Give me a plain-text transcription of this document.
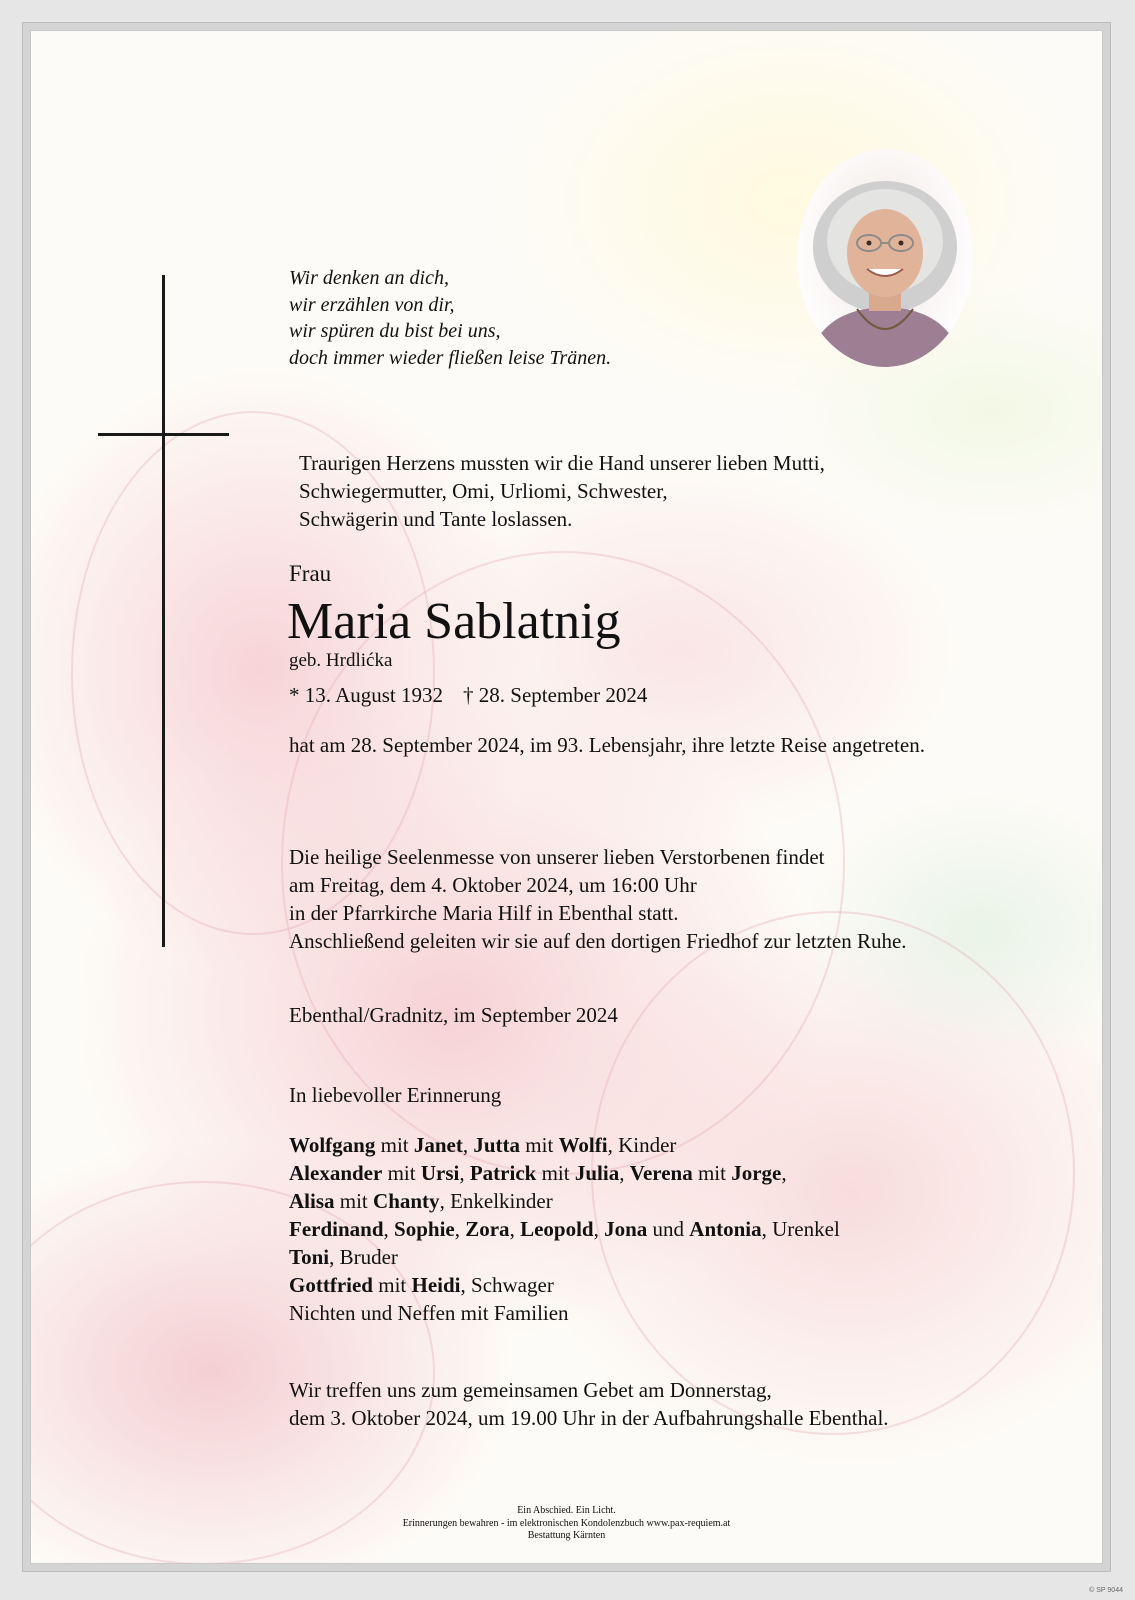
Wir denken an dich,
wir erzählen von dir,
wir spüren du bist bei uns,
doch immer wieder fließen leise Tränen.
Traurigen Herzens mussten wir die Hand unserer lieben Mutti,
Schwiegermutter, Omi, Urliomi, Schwester,
Schwägerin und Tante loslassen.
Frau
Maria Sablatnig
geb. Hrdlićka
* 13. August 1932 † 28. September 2024
hat am 28. September 2024, im 93. Lebensjahr, ihre letzte Reise angetreten.
Die heilige Seelenmesse von unserer lieben Verstorbenen findet
am Freitag, dem 4. Oktober 2024, um 16:00 Uhr
in der Pfarrkirche Maria Hilf in Ebenthal statt.
Anschließend geleiten wir sie auf den dortigen Friedhof zur letzten Ruhe.
Ebenthal/Gradnitz, im September 2024
In liebevoller Erinnerung
Wolfgang mit Janet, Jutta mit Wolfi, Kinder
Alexander mit Ursi, Patrick mit Julia, Verena mit Jorge,
Alisa mit Chanty, Enkelkinder
Ferdinand, Sophie, Zora, Leopold, Jona und Antonia, Urenkel
Toni, Bruder
Gottfried mit Heidi, Schwager
Nichten und Neffen mit Familien
Wir treffen uns zum gemeinsamen Gebet am Donnerstag,
dem 3. Oktober 2024, um 19.00 Uhr in der Aufbahrungshalle Ebenthal.
Ein Abschied. Ein Licht.
Erinnerungen bewahren - im elektronischen Kondolenzbuch www.pax-requiem.at
Bestattung Kärnten
© SP 9044
